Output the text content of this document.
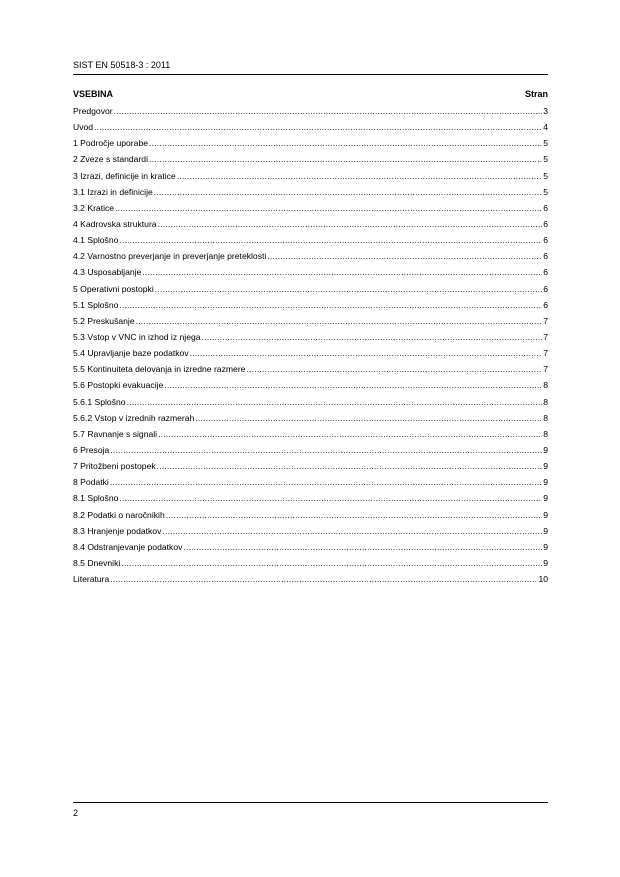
SIST EN 50518-3 : 2011
VSEBINA	Stran
Predgovor .....	3
Uvod .....	4
1 Področje uporabe .....	5
2 Zveze s standardi .....	5
3 Izrazi, definicije in kratice .....	5
3.1 Izrazi in definicije .....	5
3.2 Kratice .....	6
4 Kadrovska struktura .....	6
4.1 Splošno .....	6
4.2 Varnostno preverjanje in preverjanje preteklosti .....	6
4.3 Usposabljanje .....	6
5 Operativni postopki .....	6
5.1 Splošno .....	6
5.2 Preskušanje .....	7
5.3 Vstop v VNC in izhod iz njega .....	7
5.4 Upravljanje baze podatkov .....	7
5.5 Kontinuiteta delovanja in izredne razmere .....	7
5.6 Postopki evakuacije .....	8
5.6.1 Splošno .....	8
5.6.2 Vstop v izrednih razmerah .....	8
5.7 Ravnanje s signali .....	8
6 Presoja .....	9
7 Pritožbeni postopek .....	9
8 Podatki .....	9
8.1 Splošno .....	9
8.2 Podatki o naročnikih .....	9
8.3 Hranjenje podatkov .....	9
8.4 Odstranjevanje podatkov .....	9
8.5 Dnevniki .....	9
Literatura .....	10
2
